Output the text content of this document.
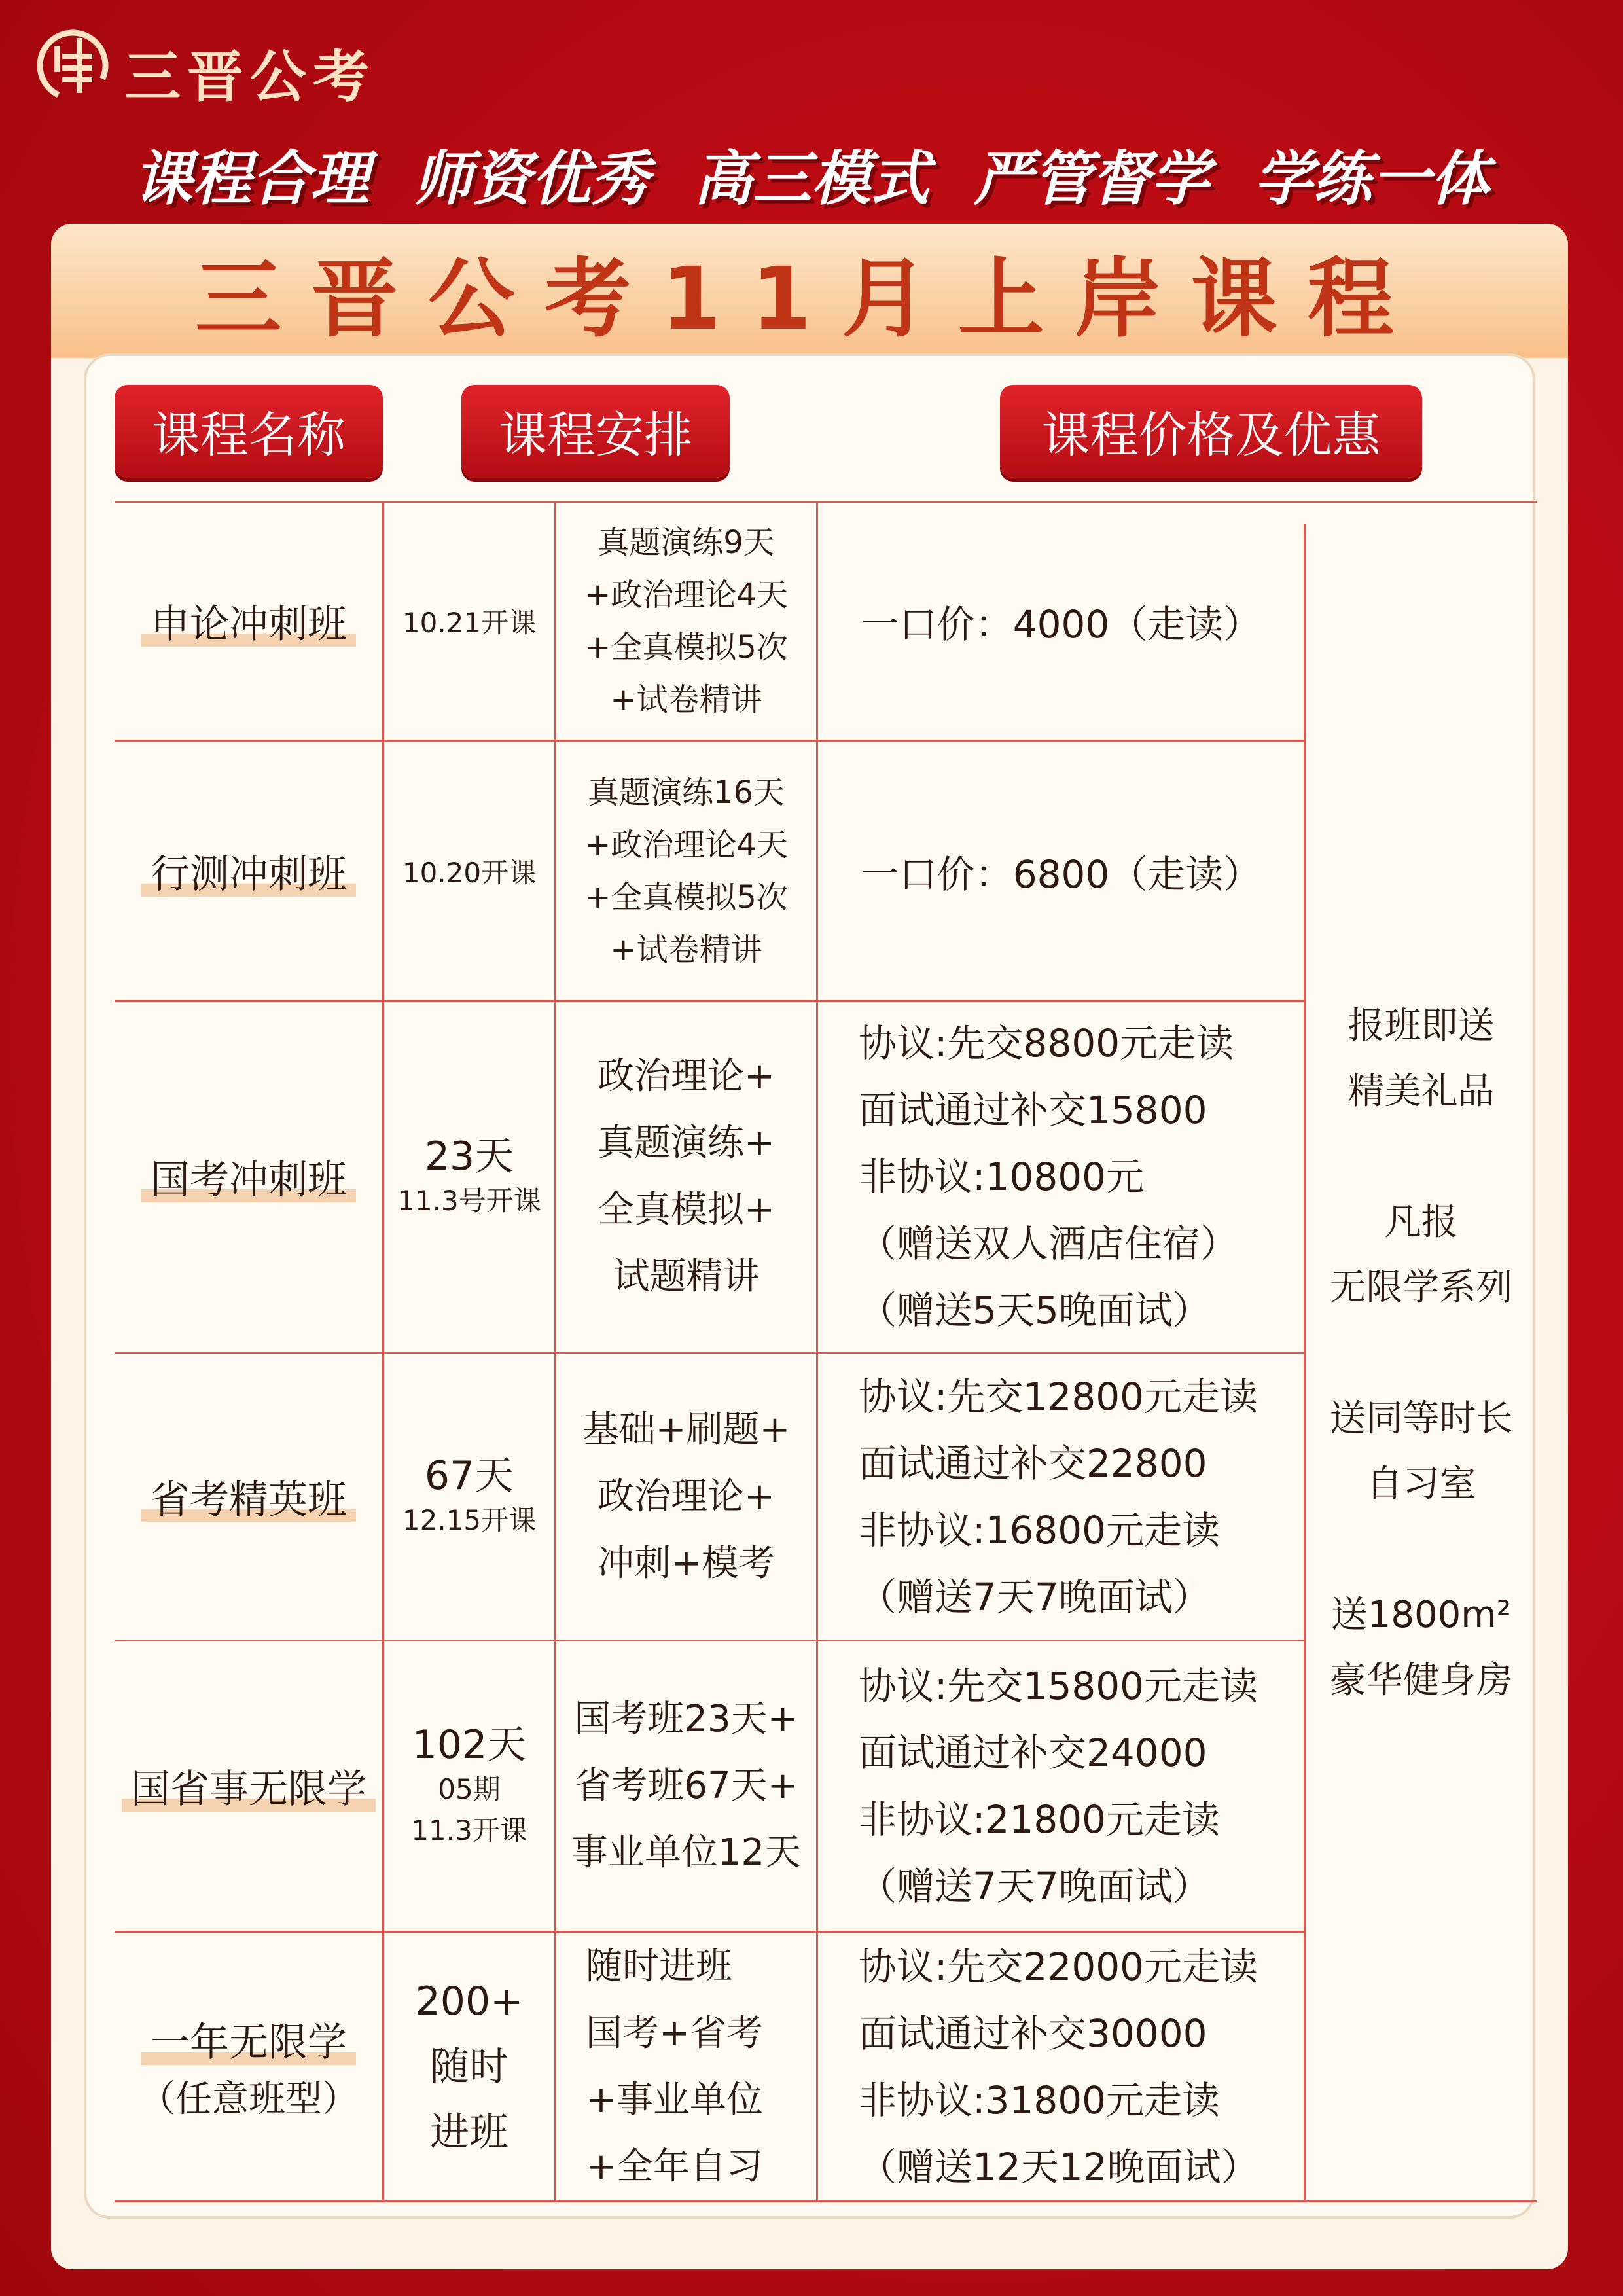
三晋公考
课程合理 师资优秀 高三模式 严管督学 学练一体
三晋公考11月上岸课程
课程名称	课程安排	课程价格及优惠
申论冲刺班 10.21开课
真题演练9天
+政治理论4天
+全真模拟5次
+试卷精讲
一口价：4000（走读）
行测冲刺班 10.20开课
真题演练16天
+政治理论4天
+全真模拟5次
+试卷精讲
一口价：6800（走读）
国考冲刺班
23天
11.3号开课
政治理论+
真题演练+
全真模拟+
试题精讲
协议:先交8800元走读
面试通过补交15800
非协议:10800元
（赠送双人酒店住宿）
（赠送5天5晚面试）
省考精英班
67天
12.15开课
基础+刷题+
政治理论+
冲刺+模考
协议:先交12800元走读
面试通过补交22800
非协议:16800元走读
（赠送7天7晚面试）
国省事无限学
102天
05期
11.3开课
国考班23天+
省考班67天+
事业单位12天
协议:先交15800元走读
面试通过补交24000
非协议:21800元走读
（赠送7天7晚面试）
一年无限学
（任意班型）
200+
随时
进班
随时进班
国考+省考
+事业单位
+全年自习
协议:先交22000元走读
面试通过补交30000
非协议:31800元走读
（赠送12天12晚面试）
报班即送
精美礼品
凡报
无限学系列
送同等时长
自习室
送1800m²
豪华健身房
